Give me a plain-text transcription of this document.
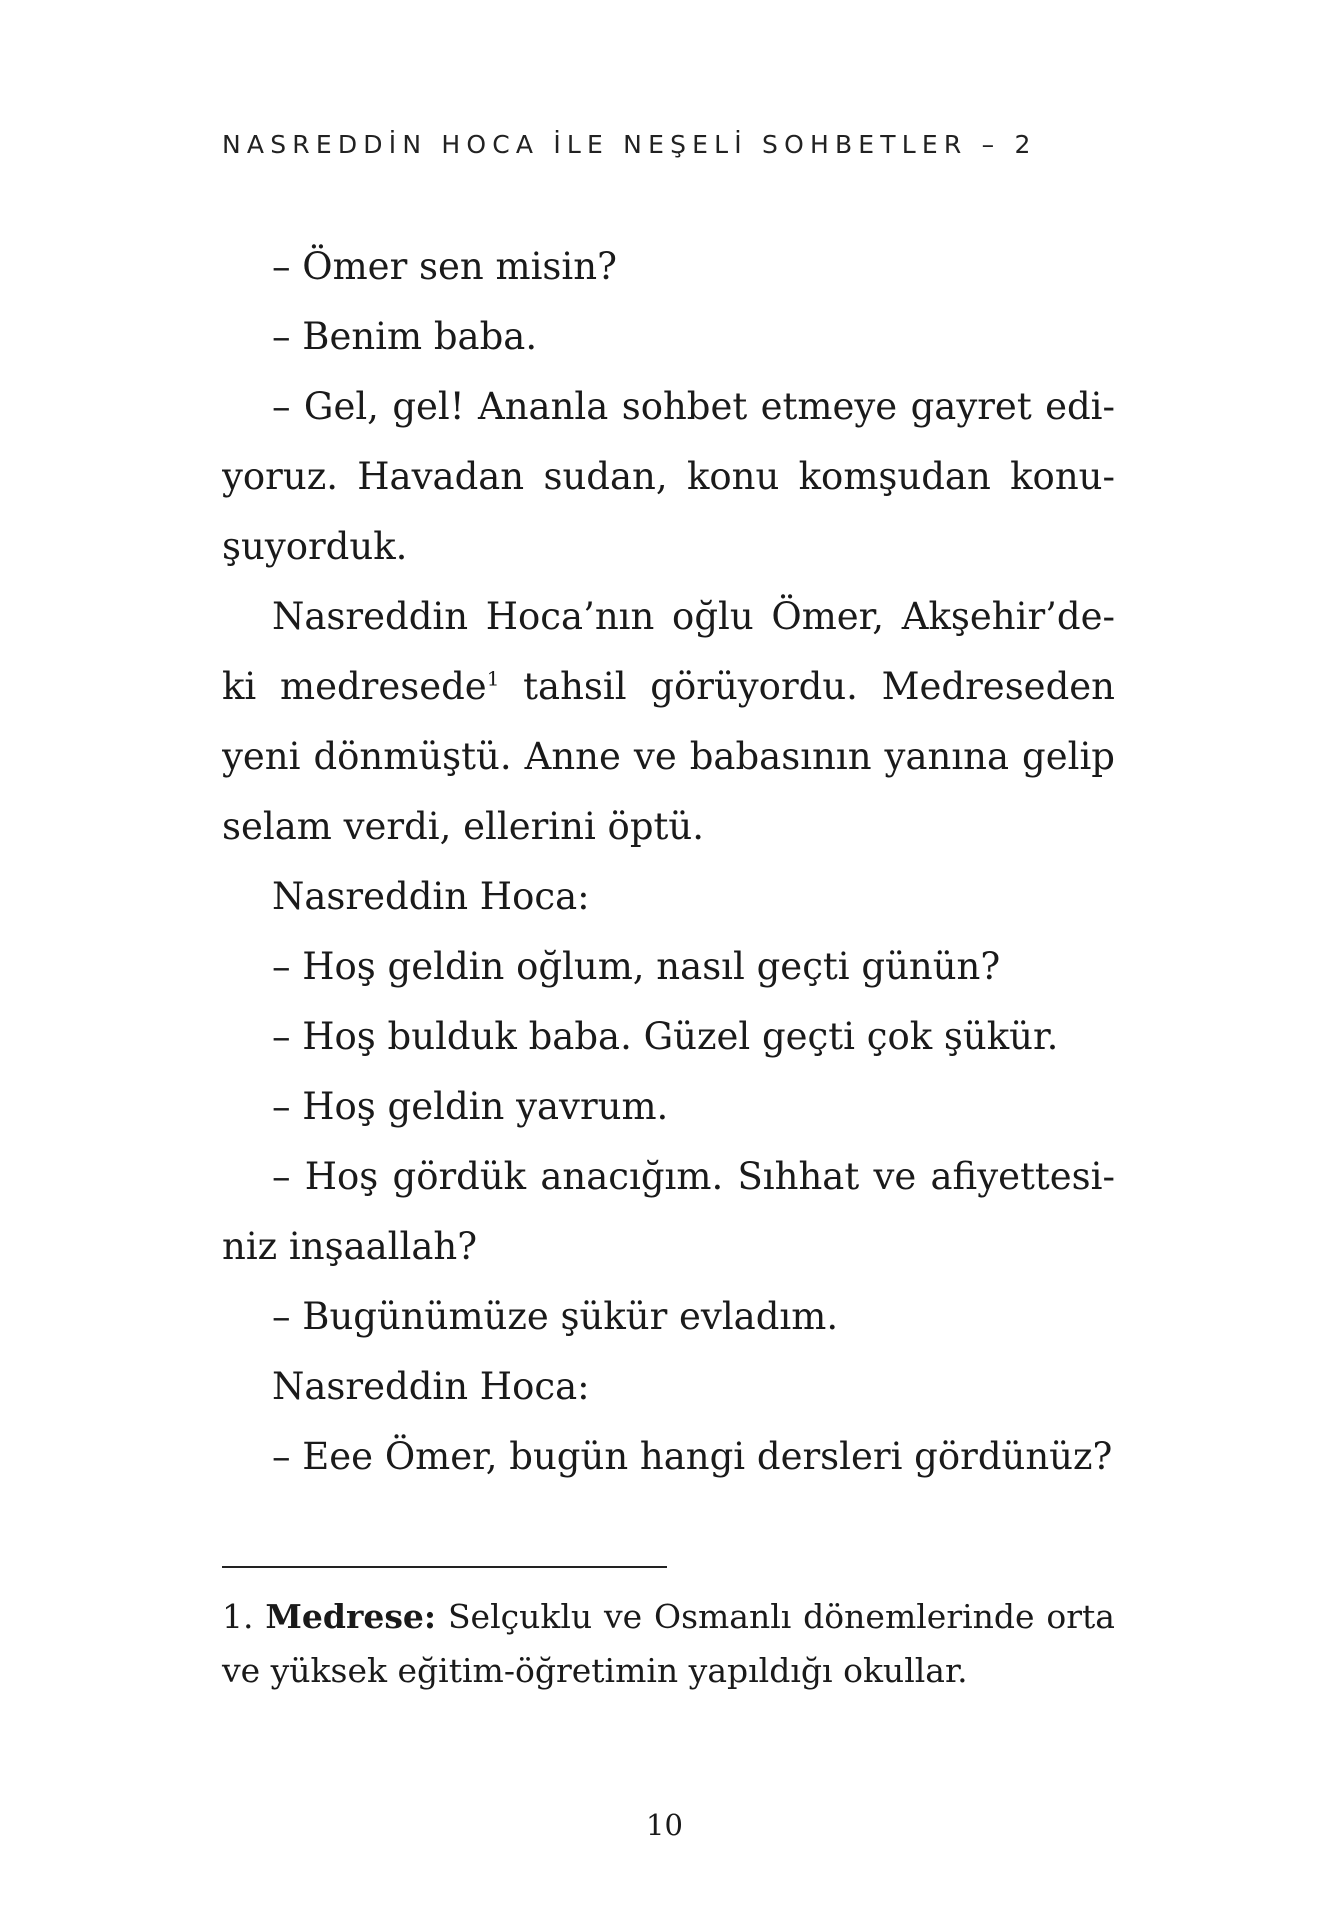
NASREDDİN HOCA İLE NEŞELİ SOHBETLER – 2
– Ömer sen misin?
– Benim baba.
– Gel, gel! Ananla sohbet etmeye gayret edi-
yoruz. Havadan sudan, konu komşudan konu-
şuyorduk.
Nasreddin Hoca’nın oğlu Ömer, Akşehir’de-
ki medresede$^1$ tahsil görüyordu. Medreseden
yeni dönmüştü. Anne ve babasının yanına gelip
selam verdi, ellerini öptü.
Nasreddin Hoca:
– Hoş geldin oğlum, nasıl geçti günün?
– Hoş bulduk baba. Güzel geçti çok şükür.
– Hoş geldin yavrum.
– Hoş gördük anacığım. Sıhhat ve afiyettesi-
niz inşaallah?
– Bugünümüze şükür evladım.
Nasreddin Hoca:
– Eee Ömer, bugün hangi dersleri gördünüz?
1. Medrese: Selçuklu ve Osmanlı dönemlerinde orta
ve yüksek eğitim-öğretimin yapıldığı okullar.
10
